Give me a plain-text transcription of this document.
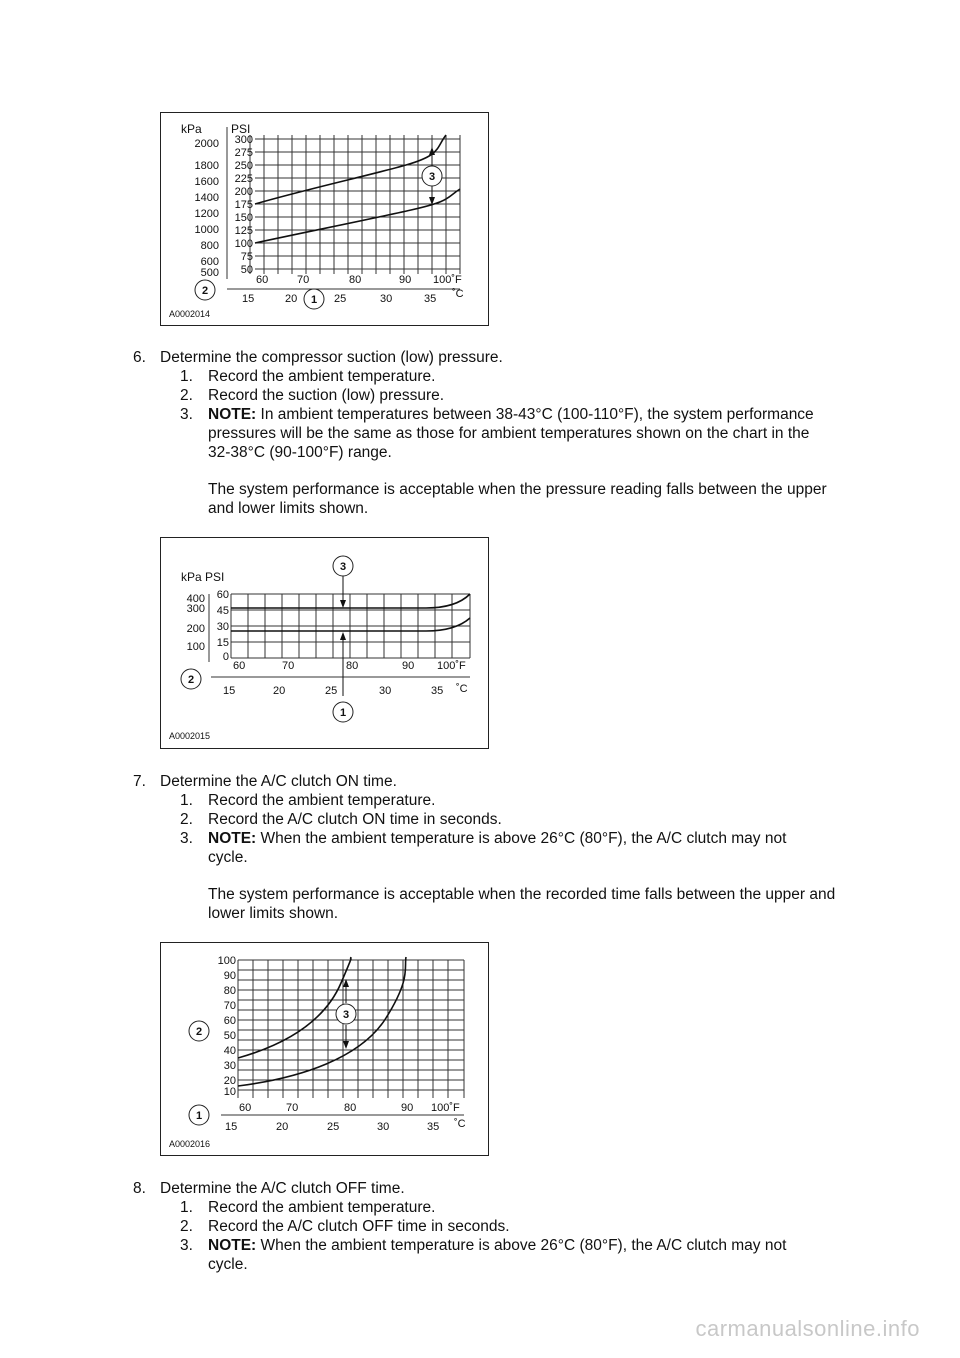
kPa PSI
2000
1800
1600
1400
1200
1000
800
600
500
300
275
250
225
200
175
150
125
100
75
50
60	70	80	90 100˚F
15	20	25	30	35 ˚C
1
2
3
A0002014
6. Determine the compressor suction (low) pressure.
1. Record the ambient temperature.
2. Record the suction (low) pressure.
3. NOTE: In ambient temperatures between 38-43°C (100-110°F), the system performance pressures will be the same as those for ambient temperatures shown on the chart in the 32-38°C (90-100°F) range.
The system performance is acceptable when the pressure reading falls between the upper and lower limits shown.
kPa PSI
400
300
200
100
60
45
30
15
0
60	70	80	90 100˚F
15	20	25	30	35 ˚C
1
2
3
A0002015
7. Determine the A/C clutch ON time.
1. Record the ambient temperature.
2. Record the A/C clutch ON time in seconds.
3. NOTE: When the ambient temperature is above 26°C (80°F), the A/C clutch may not cycle.
The system performance is acceptable when the recorded time falls between the upper and lower limits shown.
100
90
80
70
60
50
40
30
20
10
60	70	80	90 100˚F
15	20	25	30	35 ˚C
1
2
3
A0002016
8. Determine the A/C clutch OFF time.
1. Record the ambient temperature.
2. Record the A/C clutch OFF time in seconds.
3. NOTE: When the ambient temperature is above 26°C (80°F), the A/C clutch may not cycle.
carmanualsonline.info
